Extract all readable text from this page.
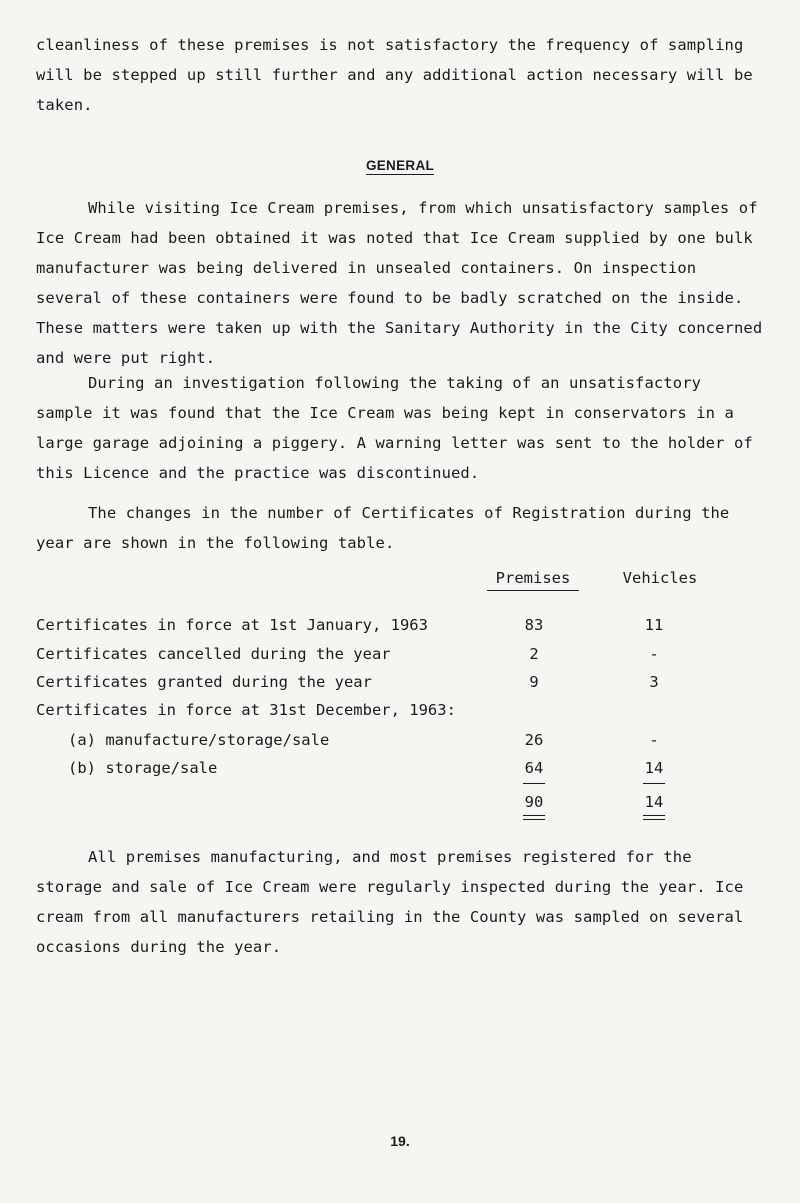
cleanliness of these premises is not satisfactory the frequency of sampling will be stepped up still further and any additional action necessary will be taken.

GENERAL

While visiting Ice Cream premises, from which unsatisfactory samples of Ice Cream had been obtained it was noted that Ice Cream supplied by one bulk manufacturer was being delivered in unsealed containers. On inspection several of these containers were found to be badly scratched on the inside. These matters were taken up with the Sanitary Authority in the City concerned and were put right.

During an investigation following the taking of an unsatisfactory sample it was found that the Ice Cream was being kept in conservators in a large garage adjoining a piggery. A warning letter was sent to the holder of this Licence and the practice was discontinued.

The changes in the number of Certificates of Registration during the year are shown in the following table.

Premises	Vehicles
Certificates in force at 1st January, 1963	83	11
Certificates cancelled during the year	2	-
Certificates granted during the year	9	3
Certificates in force at 31st December, 1963:
(a) manufacture/storage/sale	26	-
(b) storage/sale	64	14
90	14

All premises manufacturing, and most premises registered for the storage and sale of Ice Cream were regularly inspected during the year. Ice cream from all manufacturers retailing in the County was sampled on several occasions during the year.

19.
